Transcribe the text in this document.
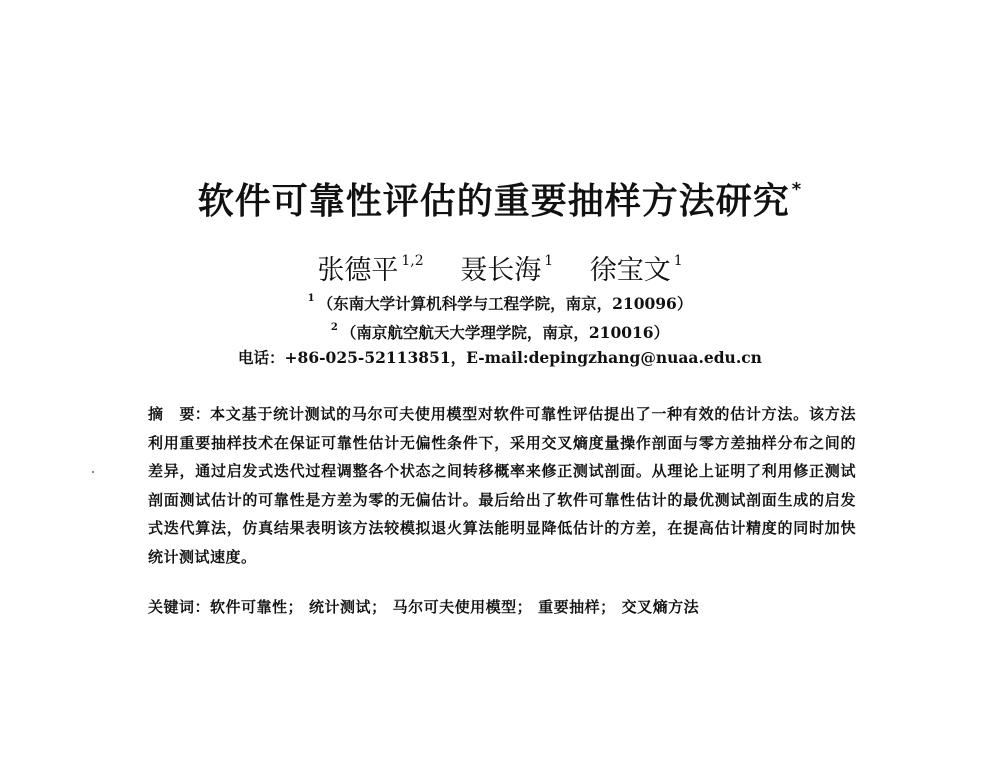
软件可靠性评估的重要抽样方法研究 *
张德平 $^{1,2}$ 聂长海 $^1$ 徐宝文 $^1$
$^1$ （东南大学计算机科学与工程学院，南京，210096）
$^2$ （南京航空航天大学理学院，南京，210016）
电话：+86-025-52113851，E-mail:depingzhang@nuaa.edu.cn
摘 要：本文基于统计测试的马尔可夫使用模型对软件可靠性评估提出了一种有效的估计方法。该方法利用重要抽样技术在保证可靠性估计无偏性条件下，采用交叉熵度量操作剖面与零方差抽样分布之间的差异，通过启发式迭代过程调整各个状态之间转移概率来修正测试剖面。从理论上证明了利用修正测试剖面测试估计的可靠性是方差为零的无偏估计。最后给出了软件可靠性估计的最优测试剖面生成的启发式迭代算法，仿真结果表明该方法较模拟退火算法能明显降低估计的方差，在提高估计精度的同时加快统计测试速度。
关键词：软件可靠性； 统计测试； 马尔可夫使用模型； 重要抽样； 交叉熵方法
